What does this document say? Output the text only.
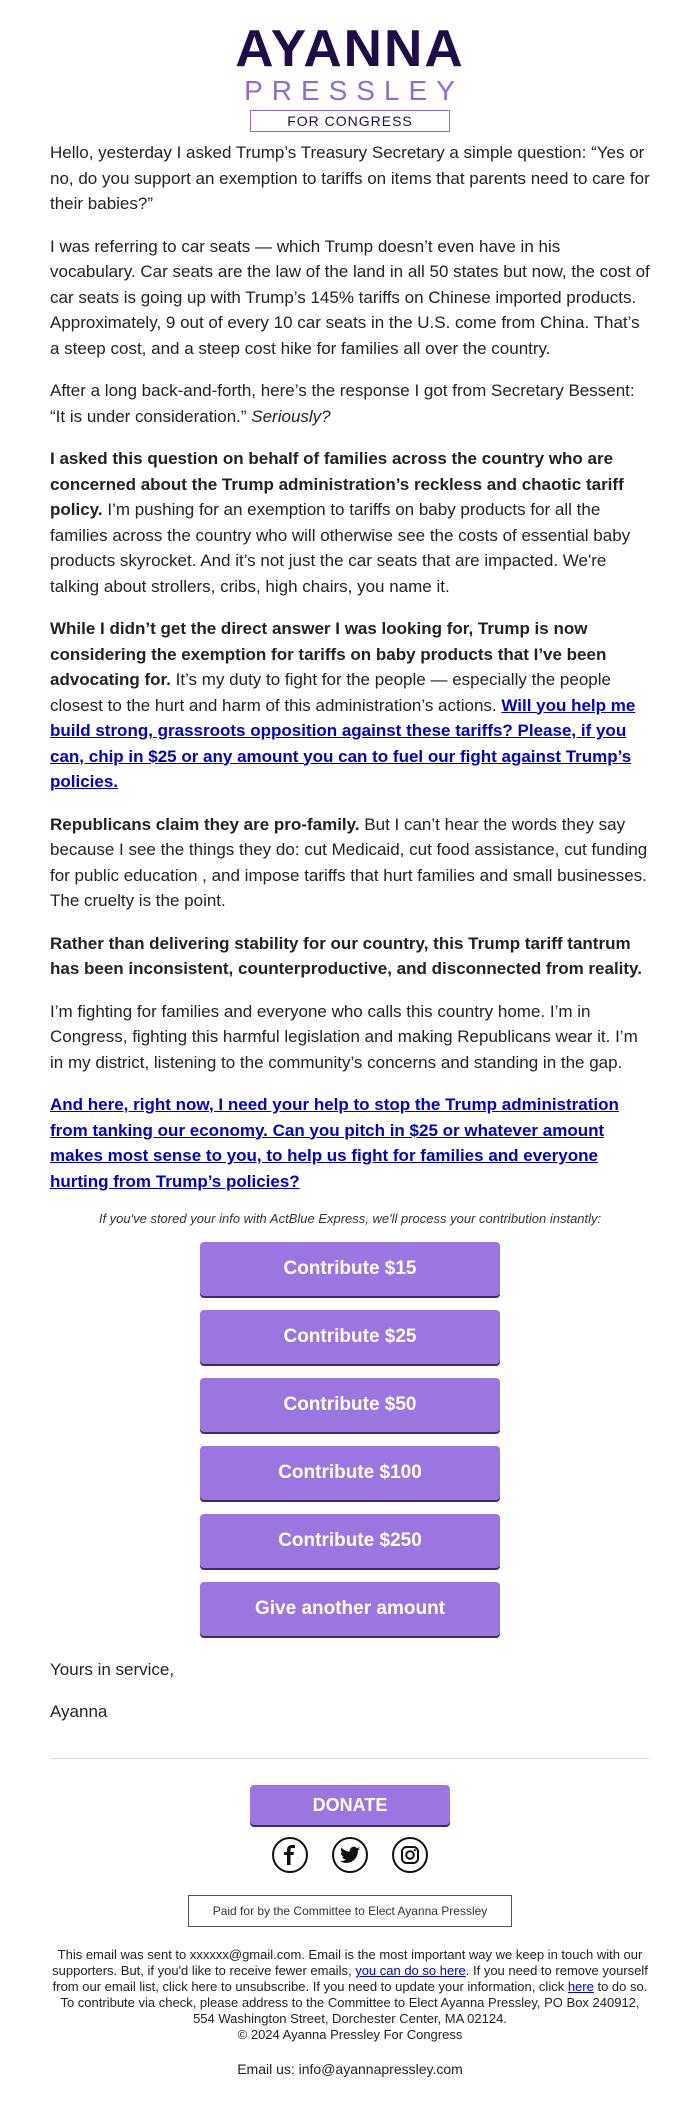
AYANNA
PRESSLEY
FOR CONGRESS

Hello, yesterday I asked Trump’s Treasury Secretary a simple question: “Yes or no, do you support an exemption to tariffs on items that parents need to care for their babies?”

I was referring to car seats — which Trump doesn’t even have in his vocabulary. Car seats are the law of the land in all 50 states but now, the cost of car seats is going up with Trump’s 145% tariffs on Chinese imported products. Approximately, 9 out of every 10 car seats in the U.S. come from China. That’s a steep cost, and a steep cost hike for families all over the country.

After a long back-and-forth, here’s the response I got from Secretary Bessent: “It is under consideration.” Seriously?

I asked this question on behalf of families across the country who are concerned about the Trump administration’s reckless and chaotic tariff policy. I’m pushing for an exemption to tariffs on baby products for all the families across the country who will otherwise see the costs of essential baby products skyrocket. And it’s not just the car seats that are impacted. We're talking about strollers, cribs, high chairs, you name it.

While I didn’t get the direct answer I was looking for, Trump is now considering the exemption for tariffs on baby products that I’ve been advocating for. It’s my duty to fight for the people — especially the people closest to the hurt and harm of this administration’s actions. Will you help me build strong, grassroots opposition against these tariffs? Please, if you can, chip in $25 or any amount you can to fuel our fight against Trump’s policies.

Republicans claim they are pro-family. But I can’t hear the words they say because I see the things they do: cut Medicaid, cut food assistance, cut funding for public education , and impose tariffs that hurt families and small businesses. The cruelty is the point.

Rather than delivering stability for our country, this Trump tariff tantrum has been inconsistent, counterproductive, and disconnected from reality.

I’m fighting for families and everyone who calls this country home. I’m in Congress, fighting this harmful legislation and making Republicans wear it. I’m in my district, listening to the community’s concerns and standing in the gap.

And here, right now, I need your help to stop the Trump administration from tanking our economy. Can you pitch in $25 or whatever amount makes most sense to you, to help us fight for families and everyone hurting from Trump’s policies?

If you've stored your info with ActBlue Express, we'll process your contribution instantly:
Contribute $15
Contribute $25
Contribute $50
Contribute $100
Contribute $250
Give another amount
Yours in service,
Ayanna
DONATE
Paid for by the Committee to Elect Ayanna Pressley
This email was sent to xxxxxx@gmail.com. Email is the most important way we keep in touch with our supporters. But, if you'd like to receive fewer emails, you can do so here. If you need to remove yourself from our email list, click here to unsubscribe. If you need to update your information, click here to do so. To contribute via check, please address to the Committee to Elect Ayanna Pressley, PO Box 240912, 554 Washington Street, Dorchester Center, MA 02124.
© 2024 Ayanna Pressley For Congress
Email us: info@ayannapressley.com
